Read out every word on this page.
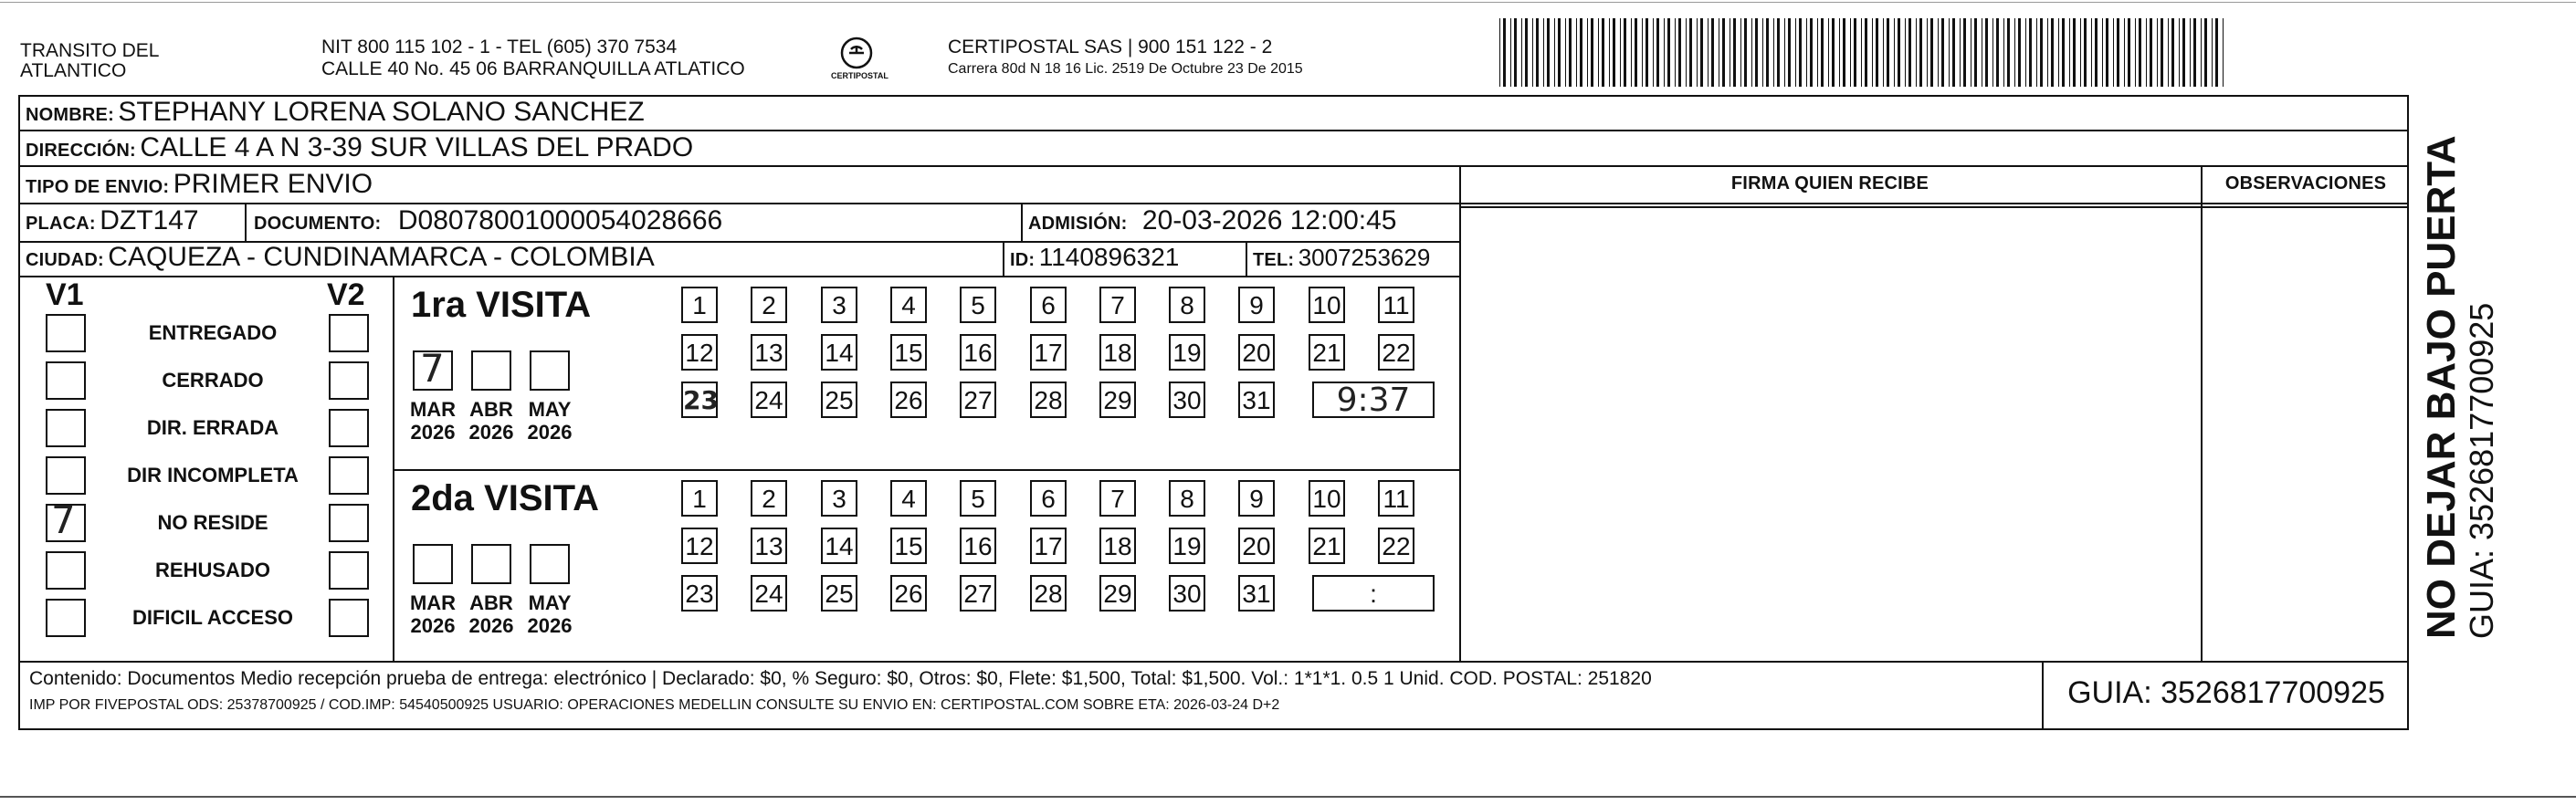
TRANSITO DEL
ATLANTICO
NIT 800 115 102 - 1 - TEL (605) 370 7534
CALLE 40 No. 45 06 BARRANQUILLA ATLATICO	CERTIPOSTAL
CERTIPOSTAL SAS | 900 151 122 - 2
Carrera 80d N 18 16 Lic. 2519 De Octubre 23 De 2015
NOMBRE: STEPHANY LORENA SOLANO SANCHEZ
DIRECCIÓN: CALLE 4 A N 3-39 SUR VILLAS DEL PRADO
TIPO DE ENVIO: PRIMER ENVIO	FIRMA QUIEN RECIBE	OBSERVACIONES
PLACA: DZT147	DOCUMENTO: D08078001000054028666	ADMISIÓN: 20-03-2026 12:00:45
CIUDAD: CAQUEZA - CUNDINAMARCA - COLOMBIA	ID: 1140896321	TEL: 3007253629
V1	V2 1ra VISITA
2da VISITA
Contenido: Documentos Medio recepción prueba de entrega: electrónico | Declarado: $0, % Seguro: $0, Otros: $0, Flete: $1,500, Total: $1,500. Vol.: 1*1*1. 0.5 1 Unid. COD. POSTAL: 251820
IMP POR FIVEPOSTAL ODS: 25378700925 / COD.IMP: 54540500925 USUARIO: OPERACIONES MEDELLIN CONSULTE SU ENVIO EN: CERTIPOSTAL.COM SOBRE ETA: 2026-03-24 D+2	GUIA: 3526817700925
NO DEJAR BAJO PUERTA GUIA: 3526817700925
ENTREGADO
CERRADO
DIR. ERRADA
DIR INCOMPLETA
7	NO RESIDE
REHUSADO
DIFICIL ACCESO
7
MAR
2026
ABR
2026
MAY
2026
MAR
2026
ABR
2026
MAY
2026
1	2	3	4	5	6	7	8	9	10 11
12 13 14 15 16 17 18 19 20 21 22
23 24 25 26 27 28 29 30 31	9:37
1	2	3	4	5	6	7	8	9	10 11
12 13 14 15 16 17 18 19 20 21 22
23 24 25 26 27 28 29 30 31	:
